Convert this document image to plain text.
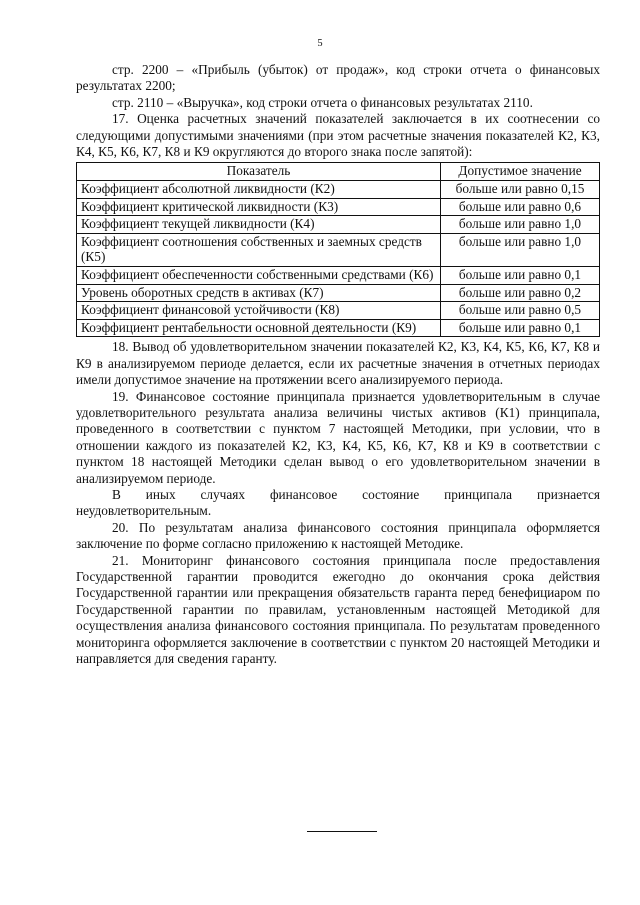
5

стр. 2200 – «Прибыль (убыток) от продаж», код строки отчета о финансовых результатах 2200;

стр. 2110 – «Выручка», код строки отчета о финансовых результатах 2110.

17. Оценка расчетных значений показателей заключается в их соотнесении со следующими допустимыми значениями (при этом расчетные значения показателей К2, К3, К4, К5, К6, К7, К8 и К9 округляются до второго знака после запятой):

Показатель	Допустимое значение
Коэффициент абсолютной ликвидности (К2)	больше или равно 0,15
Коэффициент критической ликвидности (К3)	больше или равно 0,6
Коэффициент текущей ликвидности (К4)	больше или равно 1,0
Коэффициент соотношения собственных и заемных средств (К5)	больше или равно 1,0
Коэффициент обеспеченности собственными средствами (К6)	больше или равно 0,1
Уровень оборотных средств в активах (К7)	больше или равно 0,2
Коэффициент финансовой устойчивости (К8)	больше или равно 0,5
Коэффициент рентабельности основной деятельности (К9)	больше или равно 0,1

18. Вывод об удовлетворительном значении показателей К2, К3, К4, К5, К6, К7, К8 и К9 в анализируемом периоде делается, если их расчетные значения в отчетных периодах имели допустимое значение на протяжении всего анализируемого периода.

19. Финансовое состояние принципала признается удовлетворительным в случае удовлетворительного результата анализа величины чистых активов (К1) принципала, проведенного в соответствии с пунктом 7 настоящей Методики, при условии, что в отношении каждого из показателей К2, К3, К4, К5, К6, К7, К8 и К9 в соответствии с пунктом 18 настоящей Методики сделан вывод о его удовлетворительном значении в анализируемом периоде.

В иных случаях финансовое состояние принципала признается неудовлетворительным.

20. По результатам анализа финансового состояния принципала оформляется заключение по форме согласно приложению к настоящей Методике.

21. Мониторинг финансового состояния принципала после предоставления Государственной гарантии проводится ежегодно до окончания срока действия Государственной гарантии или прекращения обязательств гаранта перед бенефициаром по Государственной гарантии по правилам, установленным настоящей Методикой для осуществления анализа финансового состояния принципала. По результатам проведенного мониторинга оформляется заключение в соответствии с пунктом 20 настоящей Методики и направляется для сведения гаранту.
